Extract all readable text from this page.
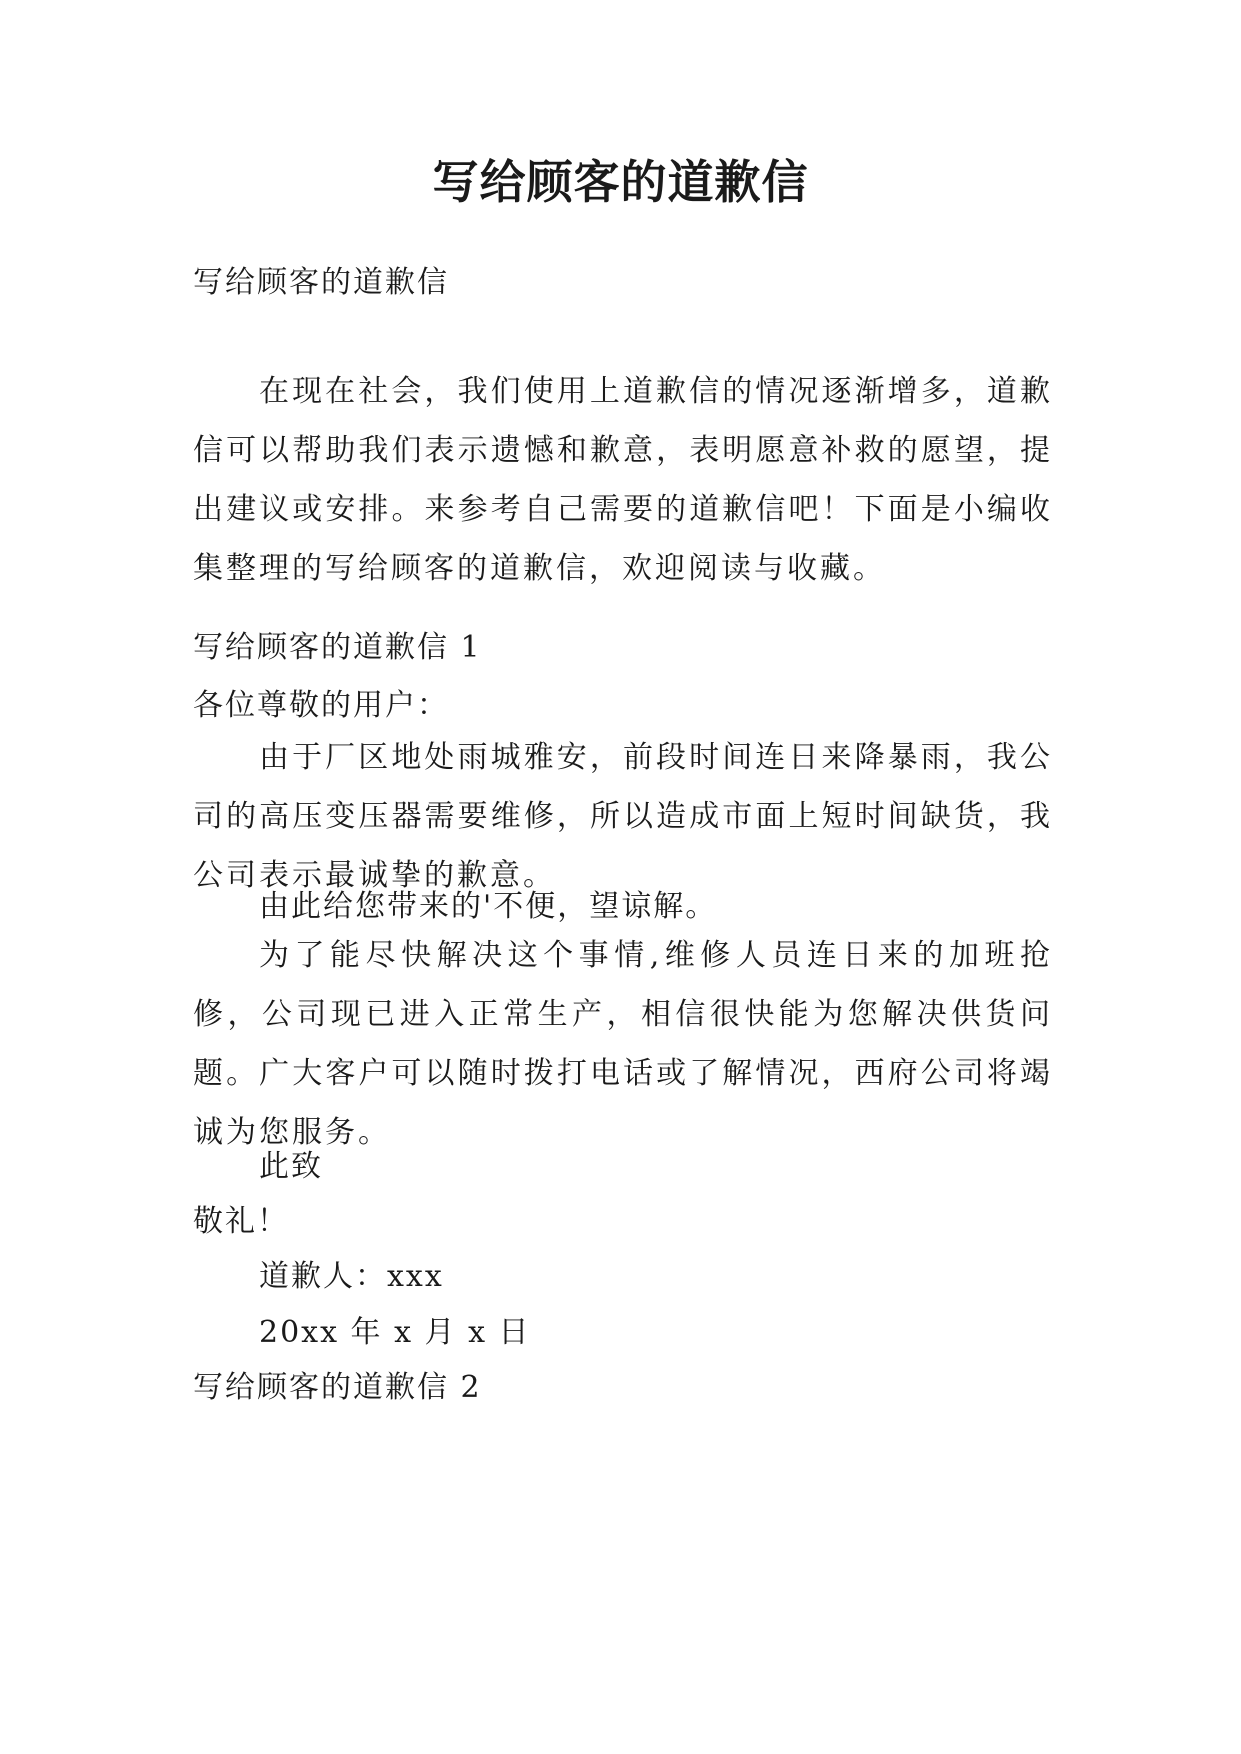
写给顾客的道歉信
写给顾客的道歉信

在现在社会，我们使用上道歉信的情况逐渐增多，道歉信可以帮助我们表示遗憾和歉意，表明愿意补救的愿望，提出建议或安排。来参考自己需要的道歉信吧！下面是小编收集整理的写给顾客的道歉信，欢迎阅读与收藏。

写给顾客的道歉信 1
各位尊敬的用户：

由于厂区地处雨城雅安，前段时间连日来降暴雨，我公司的高压变压器需要维修，所以造成市面上短时间缺货，我公司表示最诚挚的歉意。

由此给您带来的'不便，望谅解。

为了能尽快解决这个事情,维修人员连日来的加班抢修，公司现已进入正常生产，相信很快能为您解决供货问题。广大客户可以随时拨打电话或了解情况，西府公司将竭诚为您服务。

此致
敬礼！
道歉人：xxx
20xx 年 x 月 x 日
写给顾客的道歉信 2
